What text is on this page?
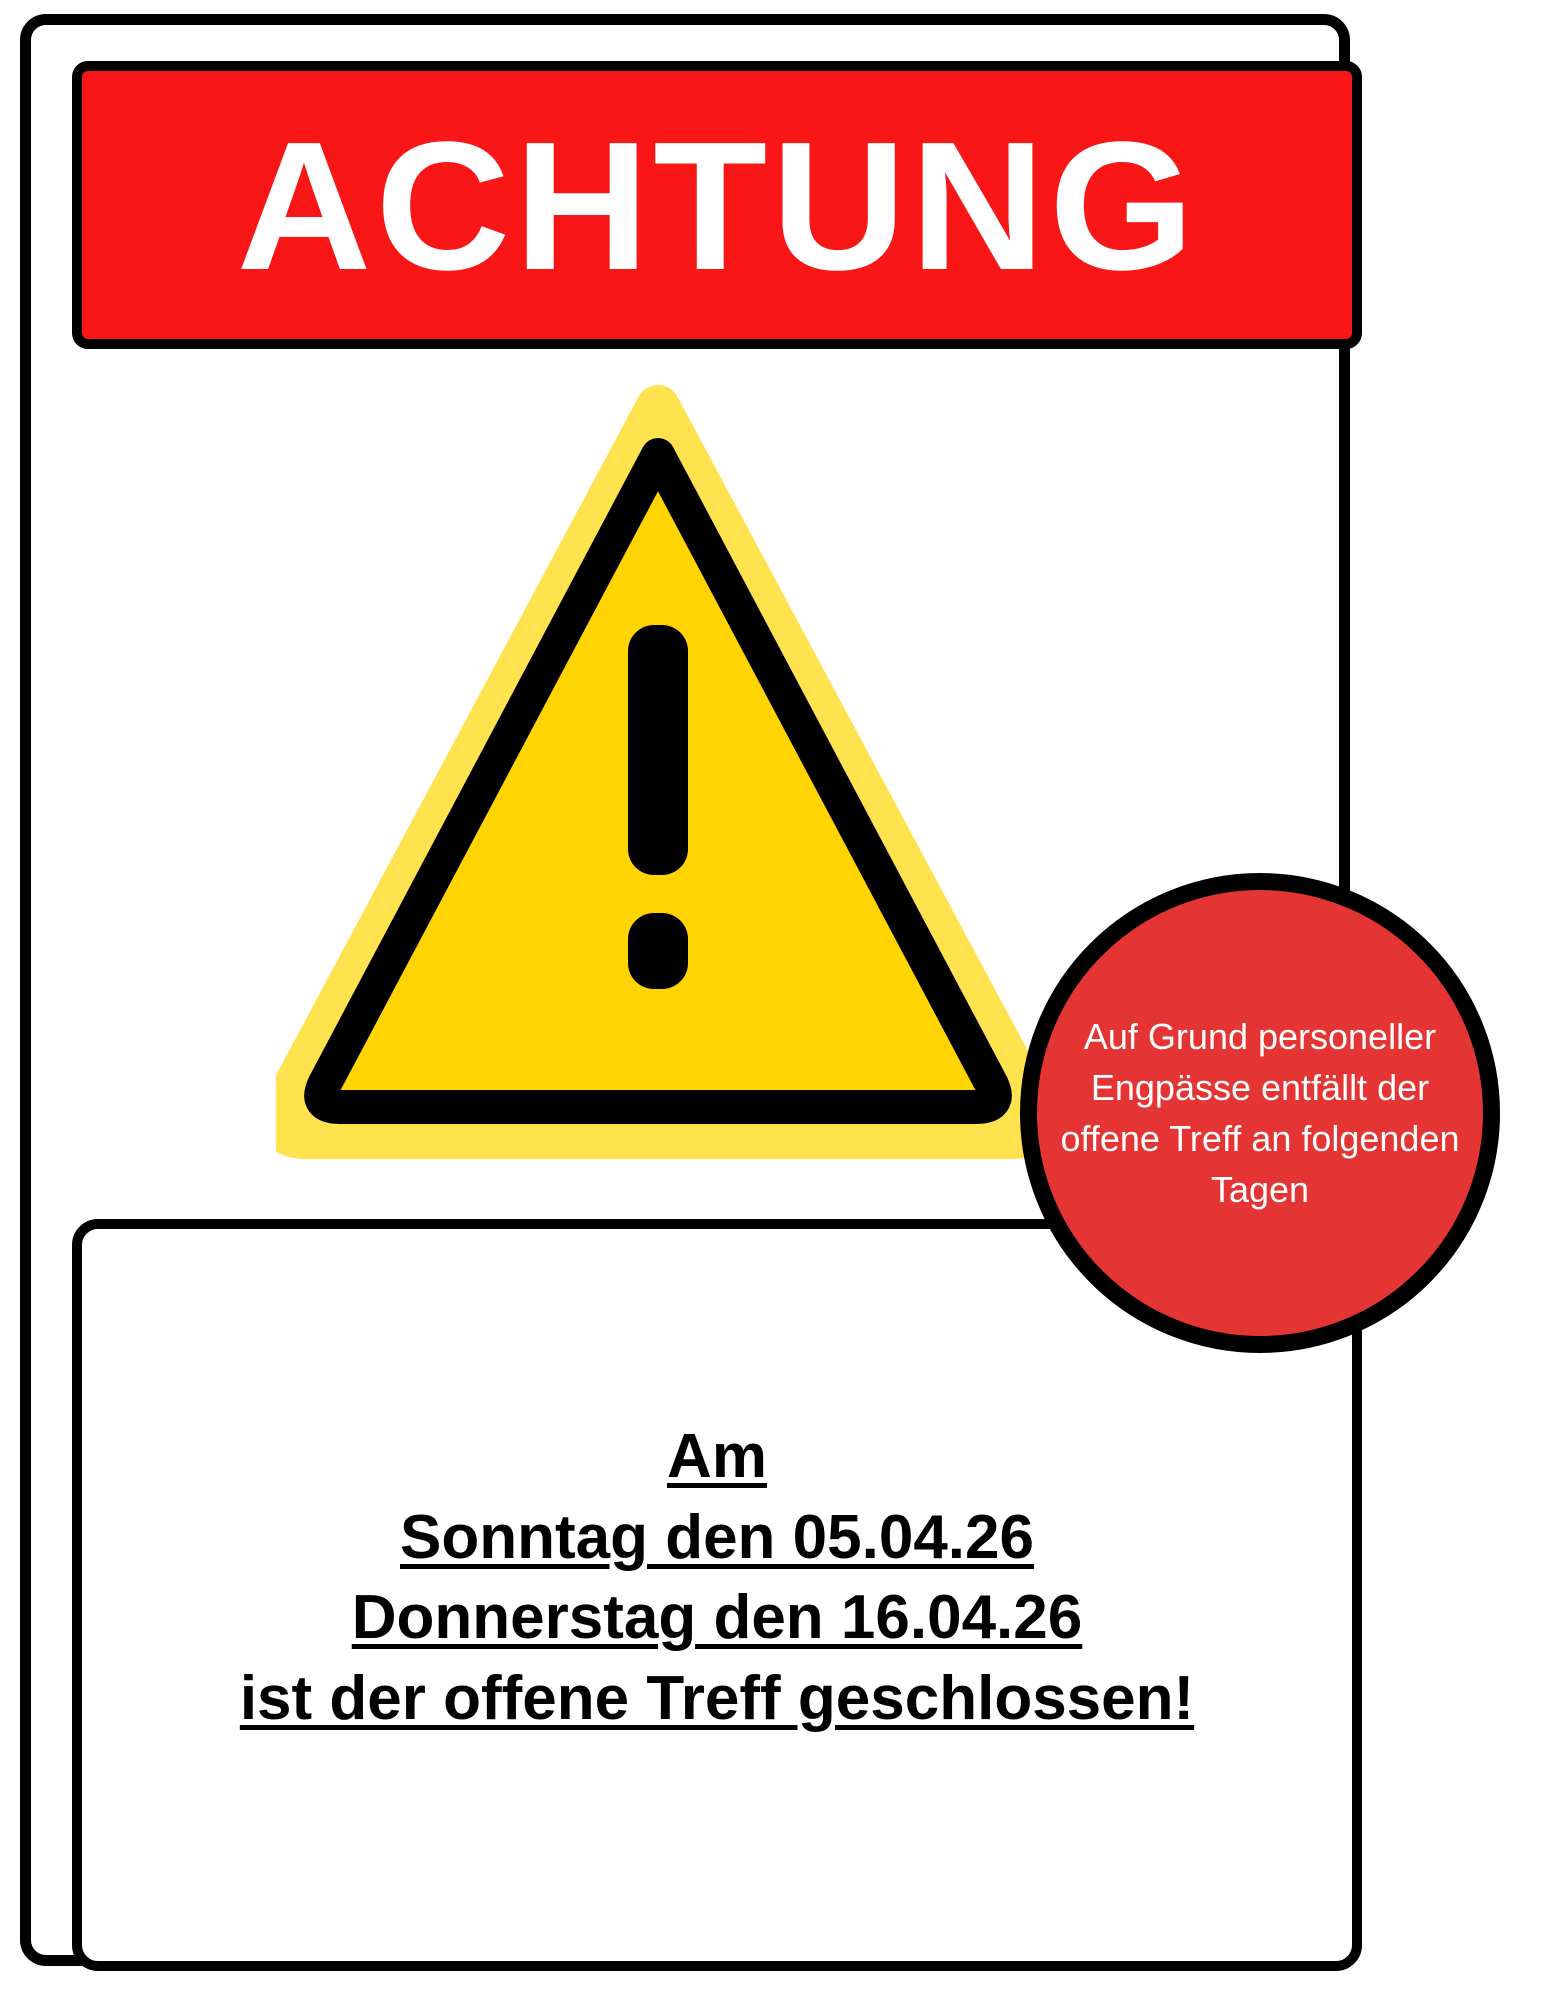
ACHTUNG
Am
Sonntag den 05.04.26
Donnerstag den 16.04.26
ist der offene Treff geschlossen!
Auf Grund personeller Engpässe entfällt der offene Treff an folgenden Tagen
